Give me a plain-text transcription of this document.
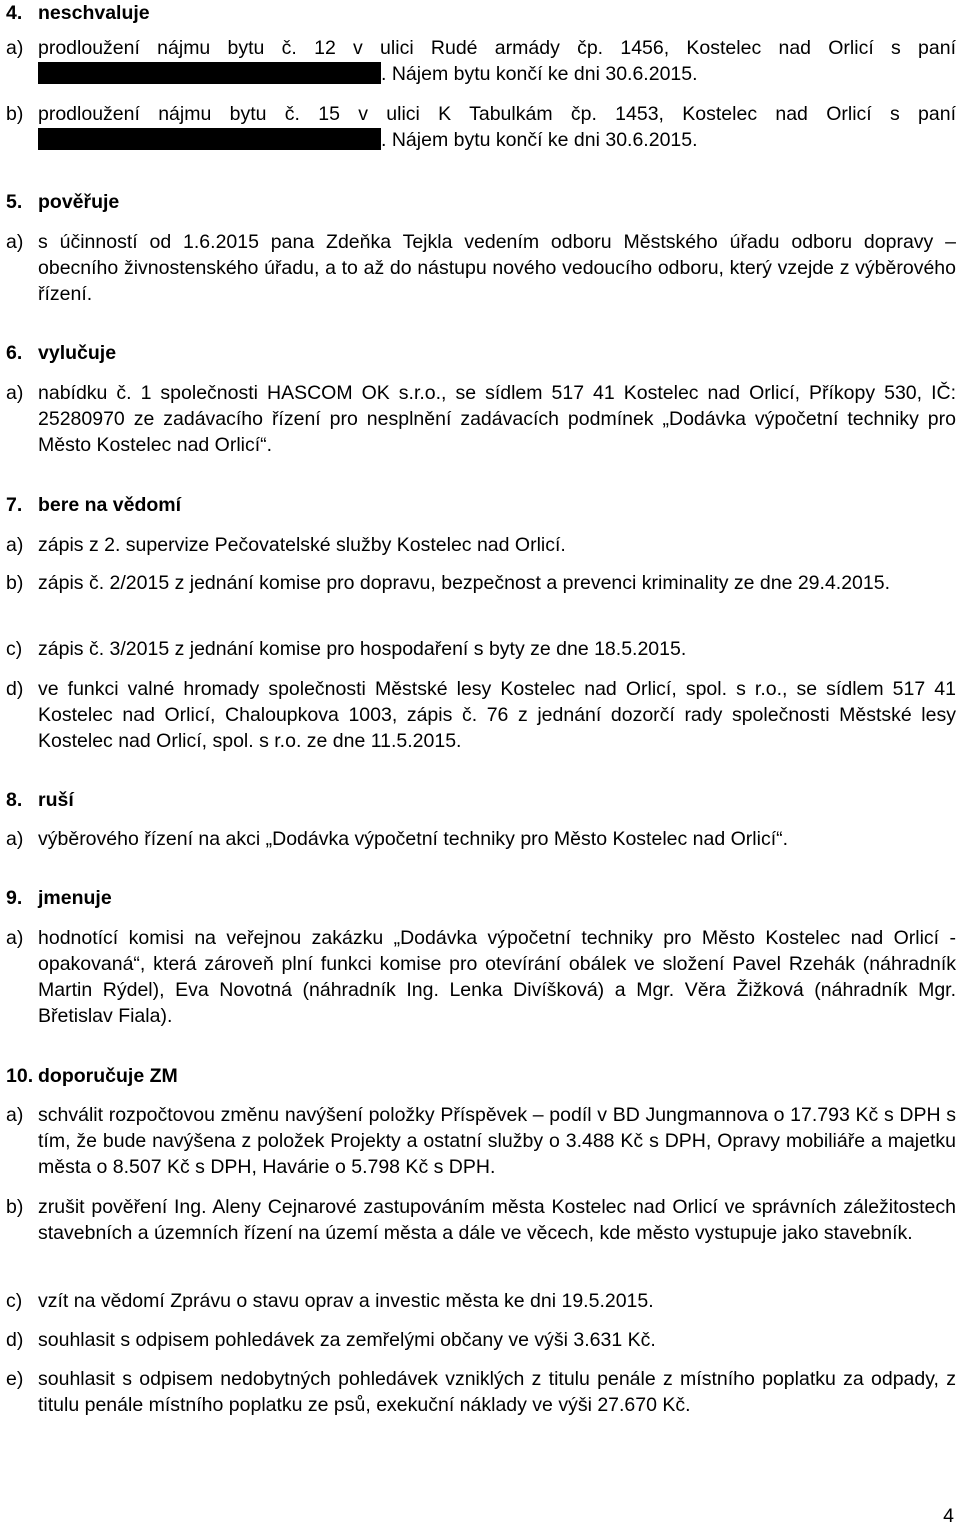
4. neschvaluje
a) prodloužení nájmu bytu č. 12 v ulici Rudé armády čp. 1456, Kostelec nad Orlicí s paní
. Nájem bytu končí ke dni 30.6.2015.
b) prodloužení nájmu bytu č. 15 v ulici K Tabulkám čp. 1453, Kostelec nad Orlicí s paní
. Nájem bytu končí ke dni 30.6.2015.
5. pověřuje
a) s účinností od 1.6.2015 pana Zdeňka Tejkla vedením odboru Městského úřadu odboru dopravy – obecního živnostenského úřadu, a to až do nástupu nového vedoucího odboru, který vzejde z výběrového řízení.
6. vylučuje
a) nabídku č. 1 společnosti HASCOM OK s.r.o., se sídlem 517 41 Kostelec nad Orlicí, Příkopy 530, IČ: 25280970 ze zadávacího řízení pro nesplnění zadávacích podmínek „Dodávka výpočetní techniky pro Město Kostelec nad Orlicí“.
7. bere na vědomí
a) zápis z 2. supervize Pečovatelské služby Kostelec nad Orlicí.
b) zápis č. 2/2015 z jednání komise pro dopravu, bezpečnost a prevenci kriminality ze dne 29.4.2015.
c) zápis č. 3/2015 z jednání komise pro hospodaření s byty ze dne 18.5.2015.
d) ve funkci valné hromady společnosti Městské lesy Kostelec nad Orlicí, spol. s r.o., se sídlem 517 41 Kostelec nad Orlicí, Chaloupkova 1003, zápis č. 76 z jednání dozorčí rady společnosti Městské lesy Kostelec nad Orlicí, spol. s r.o. ze dne 11.5.2015.
8. ruší
a) výběrového řízení na akci „Dodávka výpočetní techniky pro Město Kostelec nad Orlicí“.
9. jmenuje
a) hodnotící komisi na veřejnou zakázku „Dodávka výpočetní techniky pro Město Kostelec nad Orlicí - opakovaná“, která zároveň plní funkci komise pro otevírání obálek ve složení Pavel Rzehák (náhradník Martin Rýdel), Eva Novotná (náhradník Ing. Lenka Divíšková) a Mgr. Věra Žižková (náhradník Mgr. Břetislav Fiala).
10. doporučuje ZM
a) schválit rozpočtovou změnu navýšení položky Příspěvek – podíl v BD Jungmannova o 17.793 Kč s DPH s tím, že bude navýšena z položek Projekty a ostatní služby o 3.488 Kč s DPH, Opravy mobiliáře a majetku města o 8.507 Kč s DPH, Havárie o 5.798 Kč s DPH.
b) zrušit pověření Ing. Aleny Cejnarové zastupováním města Kostelec nad Orlicí ve správních záležitostech stavebních a územních řízení na území města a dále ve věcech, kde město vystupuje jako stavebník.
c) vzít na vědomí Zprávu o stavu oprav a investic města ke dni 19.5.2015.
d) souhlasit s odpisem pohledávek za zemřelými občany ve výši 3.631 Kč.
e) souhlasit s odpisem nedobytných pohledávek vzniklých z titulu penále z místního poplatku za odpady, z titulu penále místního poplatku ze psů, exekuční náklady ve výši 27.670 Kč.
4
